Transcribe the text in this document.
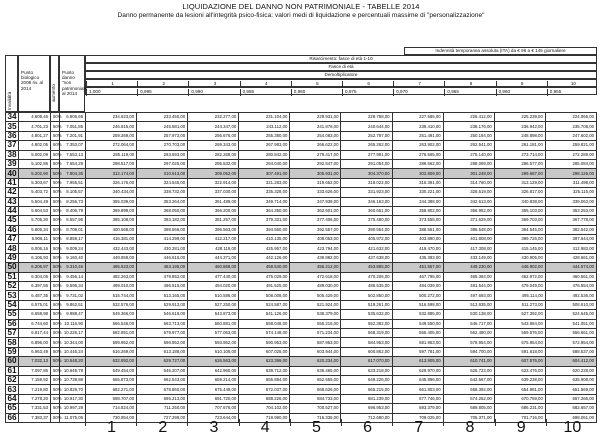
LIQUIDAZIONE DEL DANNO NON PATRIMONIALE - TABELLE 2014
Danno permanente da lesioni all'integrità psico-fisica: valori medi di liquidazione e percentuali massime di "personalizzazione"
Indennità temporanea assoluta (ITA) da € 96 a € 145 giornaliere
Risarcimento: fasce di età 1-10
Fasce di età
Demoltiplicatore
1	2	3	4	5	6	7	8	9	10
1,000	0,995	0,990	0,985	0,980	0,975	0,970	0,965	0,960	0,955
Punto biologico 2008 riv. al 2014	aumento
Punto danno "non patrimoniale" al 2014
Invalidità
34	4.609,46	50%	6.906,69	234.623,00	233.450,00	232.277,00	231.104,00	229.931,00	228.758,00	227.585,00	226.412,00	225.239,00	224.065,00
35	4.701,23	50%	7.051,85	246.815,00	245.581,00	244.347,00	243.112,00	241.878,00	240.644,00	239.410,00	238.176,00	236.942,00	235.708,00
36	4.801,27	50%	7.201,91	259.269,00	257.972,00	256.676,00	255.380,00	254.083,00	252.787,00	251.491,00	250.194,00	248.898,00	247.602,00
37	4.902,05	50%	7.353,07	272.064,00	270.703,00	269.343,00	267.983,00	266.622,00	265.262,00	263.902,00	262.541,00	261.181,00	259.821,00
38	5.002,09	50%	7.553,13	285.119,00	283.693,00	282.268,00	280.842,00	279.417,00	277.991,00	276.565,00	275.140,00	273.714,00	272.289,00
39	5.102,86	50%	7.654,29	298.517,00	297.025,00	295.532,00	294.040,00	292.547,00	291.054,00	289.562,00	288.069,00	286.577,00	285.084,00
40	5.202,90	50%	7.804,35	312.174,00	310.613,00	309.052,00	307.491,00	305.931,00	304.370,00	302.809,00	301.248,00	299.687,00	298.126,00
41	5.303,67	50%	7.955,51	326.176,00	324.545,00	322.914,00	321.283,00	319.652,00	318.022,00	316.391,00	314.760,00	313.129,00	311.498,00
42	5.403,72	50%	8.105,57	340.434,00	338.732,00	337.030,00	335.328,00	333.626,00	331.923,00	330.221,00	328.519,00	326.817,00	325.115,00
43	5.504,49	50%	8.256,73	355.039,00	353.264,00	351.489,00	349.714,00	347.938,00	346.163,00	344.388,00	342.613,00	340.838,00	339.063,00
44	5.604,53	50%	8.406,79	369.899,00	368.050,00	366.200,00	364.350,00	362.501,00	360.651,00	358.802,00	356.952,00	355.103,00	353.253,00
45	5.705,30	50%	8.557,95	385.108,00	383.182,00	381.257,00	379.331,00	377.406,00	375.480,00	373.555,00	371.629,00	369.703,00	367.778,00
46	5.805,34	50%	8.708,01	400.568,00	398.566,00	396.563,00	394.560,00	392.557,00	390.554,00	388.551,00	386.548,00	384.545,00	382.542,00
47	5.906,11	50%	8.859,17	416.381,00	414.299,00	412.217,00	410.135,00	408.053,00	405.972,00	403.890,00	401.808,00	399.726,00	397.644,00
48	6.006,16	50%	9.009,24	432.443,00	430.281,00	428.119,00	425.957,00	423.794,00	421.632,00	419.470,00	417.308,00	415.145,00	412.983,00
49	6.106,93	50%	9.160,40	448.859,00	446.615,00	444.371,00	442.126,00	439.882,00	437.638,00	435.393,00	433.149,00	430.905,00	428.661,00
50	6.206,97	50%	9.310,46	465.523,00	463.195,00	460.868,00	458.540,00	456.212,00	453.885,00	451.557,00	449.230,00	446.902,00	444.574,00
51	6.304,05	50%	9.456,14	482.263,00	479.852,00	477.440,00	475.029,00	472.618,00	470.206,00	467.795,00	465.384,00	462.972,00	460.561,00
52	6.397,56	50%	9.596,34	499.010,00	496.515,00	494.020,00	491.525,00	489.030,00	486.535,00	484.039,00	481.544,00	479.049,00	476.554,00
53	6.487,35	50%	9.731,02	515.744,00	513.165,00	510.586,00	508.008,00	505.429,00	502.850,00	500.272,00	497.693,00	495.114,00	492.536,00
54	6.575,01	50%	9.862,51	532.576,00	529.913,00	527.250,00	524.587,00	521.924,00	519.261,00	516.598,00	513.935,00	511.273,00	508.610,00
55	6.658,98	50%	9.988,47	549.366,00	546.619,00	543.873,00	541.126,00	538.379,00	535.632,00	532.885,00	530.138,00	527.392,00	524.645,00
56	6.744,60	50%	10.116,90	566.546,00	563.713,00	560.881,00	558.048,00	555.215,00	552.382,00	549.550,00	546.717,00	543.884,00	541.051,00
57	6.817,44	50%	10.226,17	582.891,00	579.977,00	577.063,00	574.148,00	571.234,00	568.319,00	565.405,00	562.490,00	559.576,00	556.661,00
58	6.896,00	50%	10.344,00	599.952,00	596.952,00	593.952,00	590.953,00	587.953,00	584.953,00	581.953,00	578.954,00	575.954,00	572.954,00
59	6.963,49	50%	10.445,24	616.269,00	613.188,00	610.106,00	607.025,00	603.944,00	600.862,00	597.781,00	594.700,00	591.618,00	588.537,00
60	7.032,13	50%	10.548,20	632.892,00	629.727,00	626.563,00	623.399,00	620.234,00	617.070,00	613.905,00	610.741,00	607.576,00	604.412,00
61	7.097,85	50%	10.646,78	649.454,00	646.207,00	642.960,00	639.712,00	636.465,00	633.218,00	629.970,00	626.723,00	623.476,00	620.228,00
62	7.159,92	50%	10.739,88	665.873,00	662.543,00	659.214,00	655.884,00	652.555,00	649.226,00	645.896,00	642.567,00	639.238,00	635.908,00
63	7.219,80	50%	10.829,70	682.271,00	678.860,00	675.449,00	672.037,00	668.626,00	665.215,00	661.803,00	658.392,00	654.981,00	651.569,00
64	7.278,20	50%	10.917,30	698.707,00	695.213,00	691.720,00	688.226,00	684.733,00	681.239,00	677.746,00	674.252,00	670.759,00	667.265,00
65	7.331,53	50%	10.997,29	714.824,00	711.250,00	707.676,00	704.102,00	700.527,00	696.953,00	693.379,00	689.805,00	686.231,00	682.657,00
66	7.383,37	50%	11.075,06	730.954,00	727.299,00	723.644,00	719.990,00	716.335,00	712.680,00	709.025,00	705.371,00	701.716,00	698.061,00
1	2	3	4	5	6	7	8	9	10
